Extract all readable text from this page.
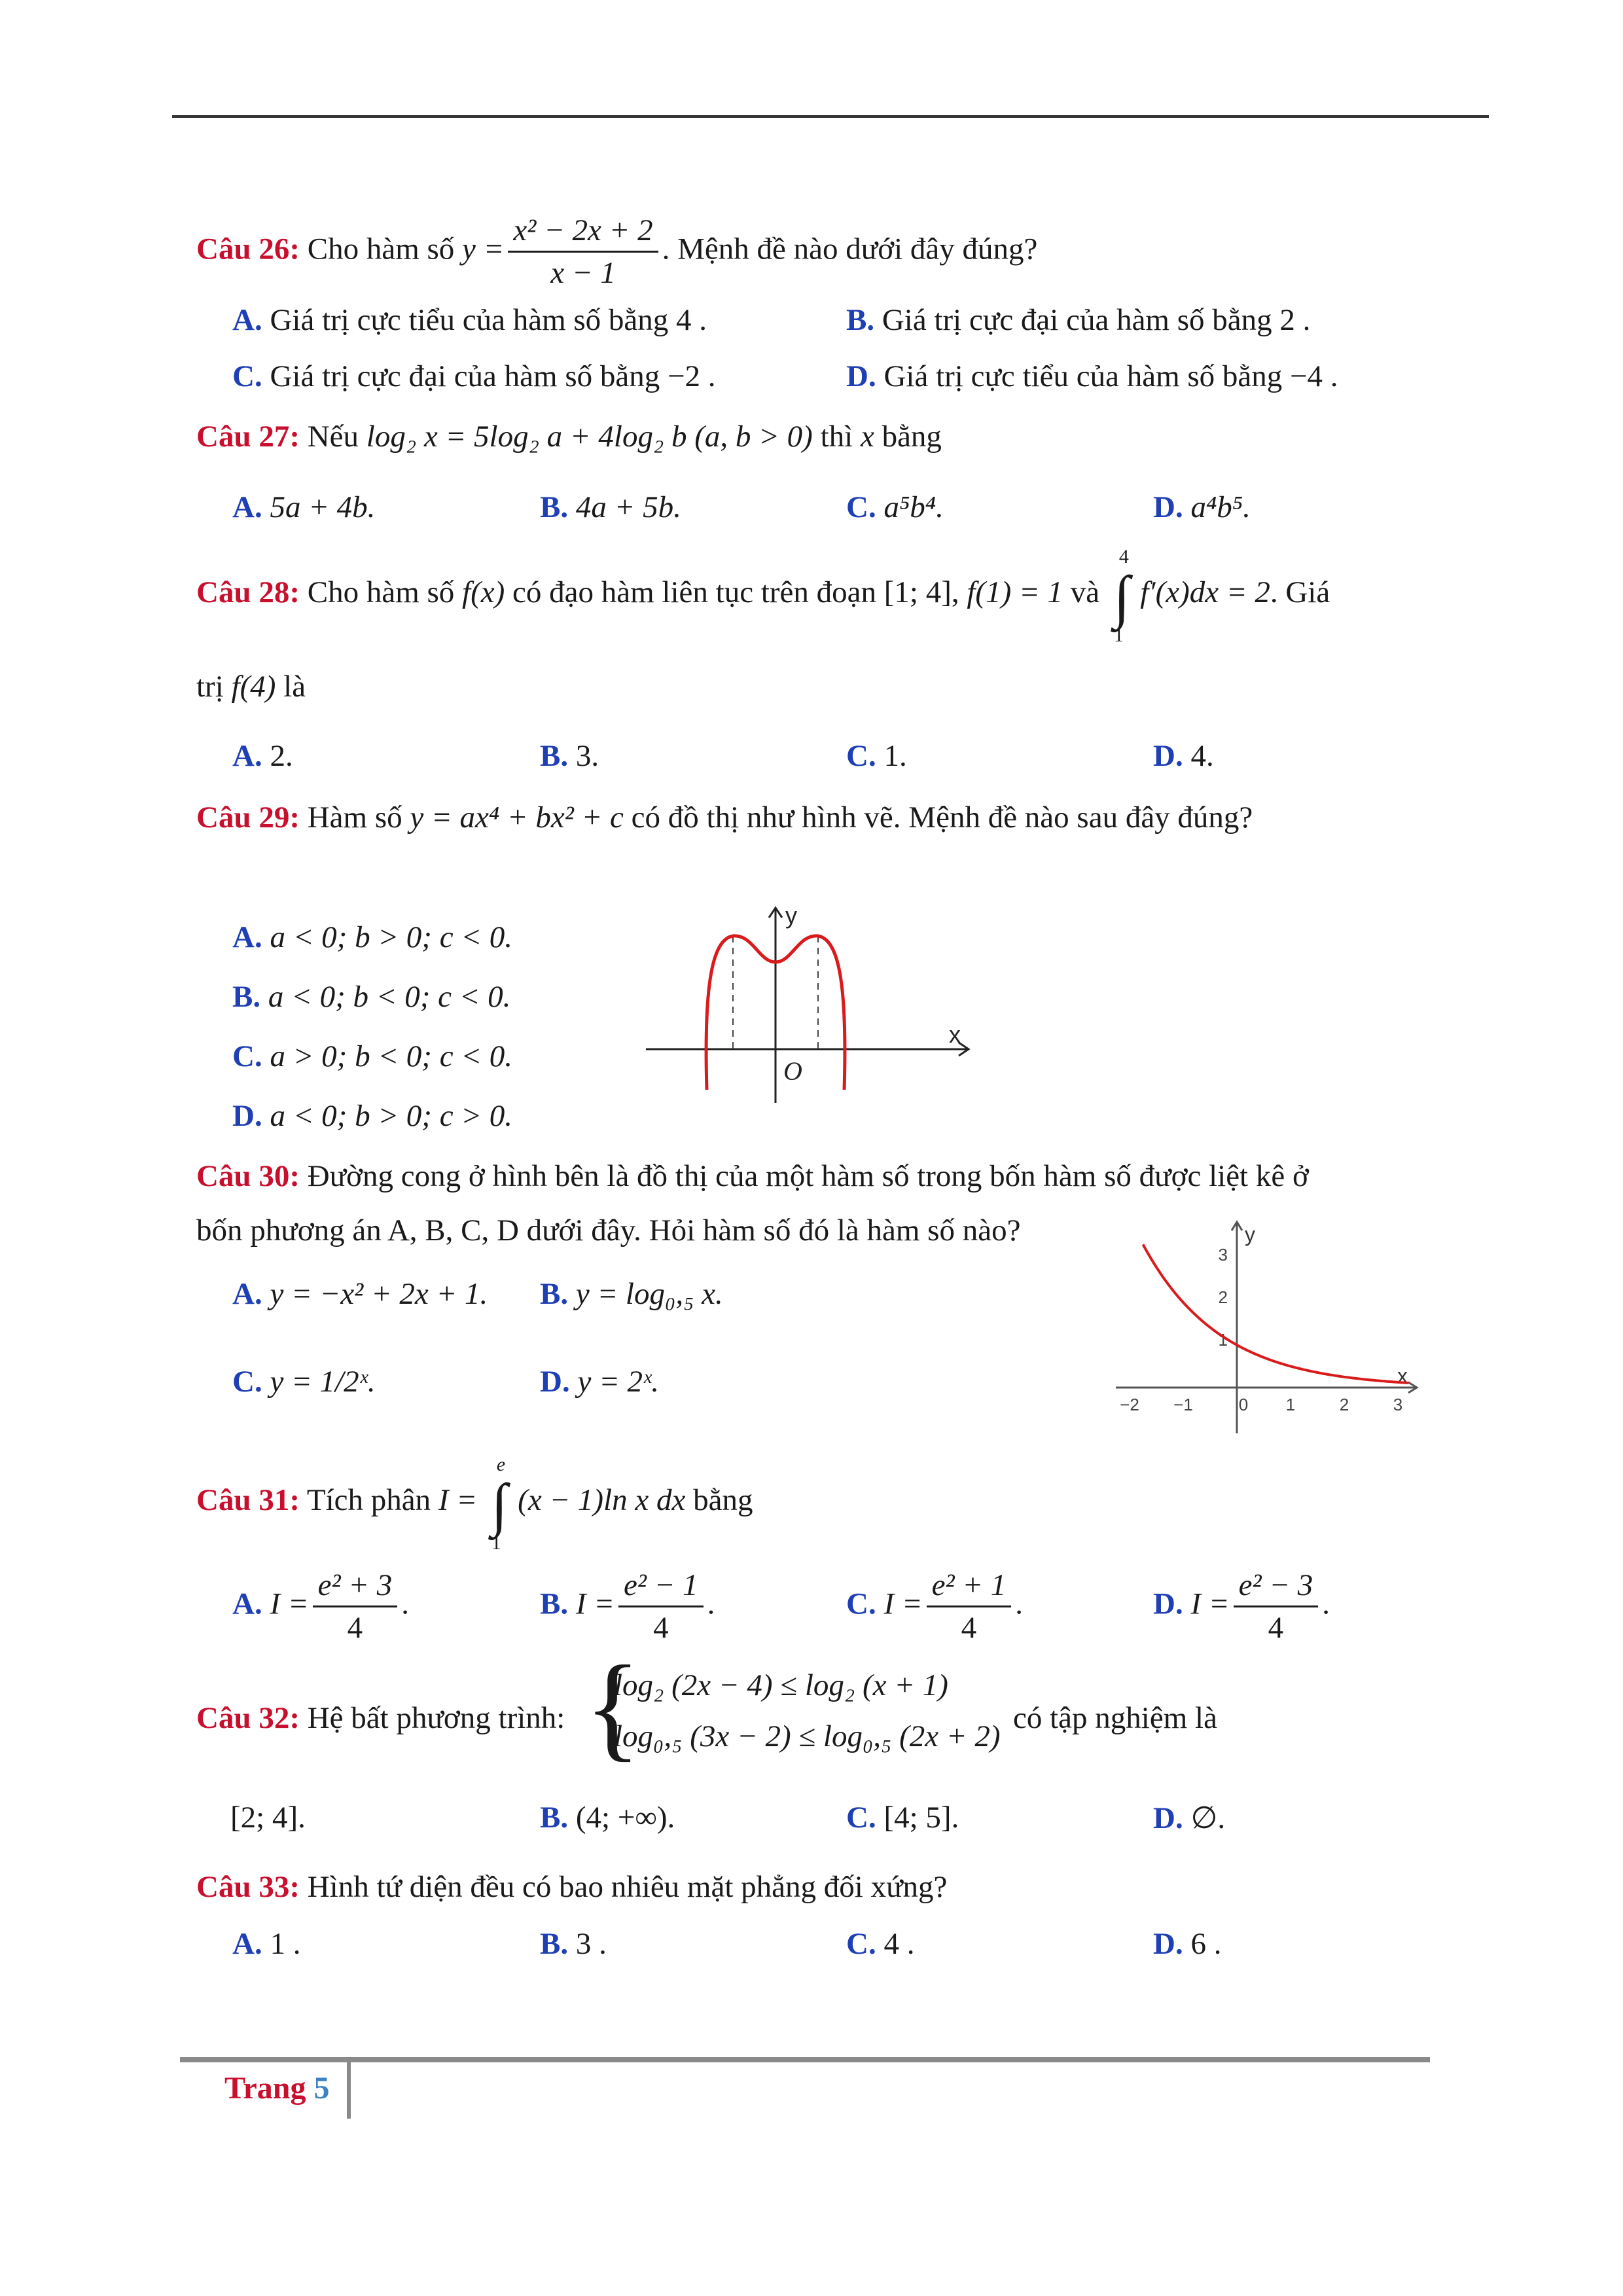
Câu 26: Cho hàm số $y = \frac{\text{x² − 2x + 2}}{x - 1}$ . Mệnh đề nào dưới đây đúng?
A. Giá trị cực tiểu của hàm số bằng 4 .	B. Giá trị cực đại của hàm số bằng 2 .
C. Giá trị cực đại của hàm số bằng −2 .	D. Giá trị cực tiểu của hàm số bằng −4 .
Câu 27: Nếu log₂ x = 5log₂ a + 4log₂ b (a, b > 0) thì x bằng
A. 5a + 4b.	B. 4a + 5b.	C. a⁵b⁴.	D. a⁴b⁵.
Câu 28: Cho hàm số f(x) có đạo hàm liên tục trên đoạn [1; 4], f(1) = 1 và ∫
4
1
f′(x)dx = 2. Giá
trị f(4) là
A. 2.	B. 3.	C. 1.	D. 4.
Câu 29: Hàm số y = ax⁴ + bx² + c có đồ thị như hình vẽ. Mệnh đề nào sau đây đúng?
A. a < 0; b > 0; c < 0.
B. a < 0; b < 0; c < 0.
C. a > 0; b < 0; c < 0.
D. a < 0; b > 0; c > 0.
y
x
O
Câu 30: Đường cong ở hình bên là đồ thị của một hàm số trong bốn hàm số được liệt kê ở
bốn phương án A, B, C, D dưới đây. Hỏi hàm số đó là hàm số nào?
A. y = −x² + 2x + 1. B. y = log₀,₅ x.
C. y = 1/2ˣ.	D. y = 2ˣ.
y
x
−2 −1	0 1	2	3
1
2
3
Câu 31: Tích phân I = ∫
e
1
(x − 1)ln x dx bằng
A. $I = \frac{\text{e² + 3}}{4}$ .	B. $I = \frac{\text{e² − 1}}{4}$ .	C. $I = \frac{\text{e² + 1}}{4}$ .	D. $I = \frac{\text{e² − 3}}{4}$ .
Câu 32: Hệ bất phương trình: {
log₂ (2x − 4) ≤ log₂ (x + 1)
log₀,₅ (3x − 2) ≤ log₀,₅ (2x + 2)
có tập nghiệm là
[2; 4].	B. (4; +∞).	C. [4; 5].	D. ∅.
Câu 33: Hình tứ diện đều có bao nhiêu mặt phẳng đối xứng?
A. 1 .	B. 3 .	C. 4 .	D. 6 .
Trang 5
